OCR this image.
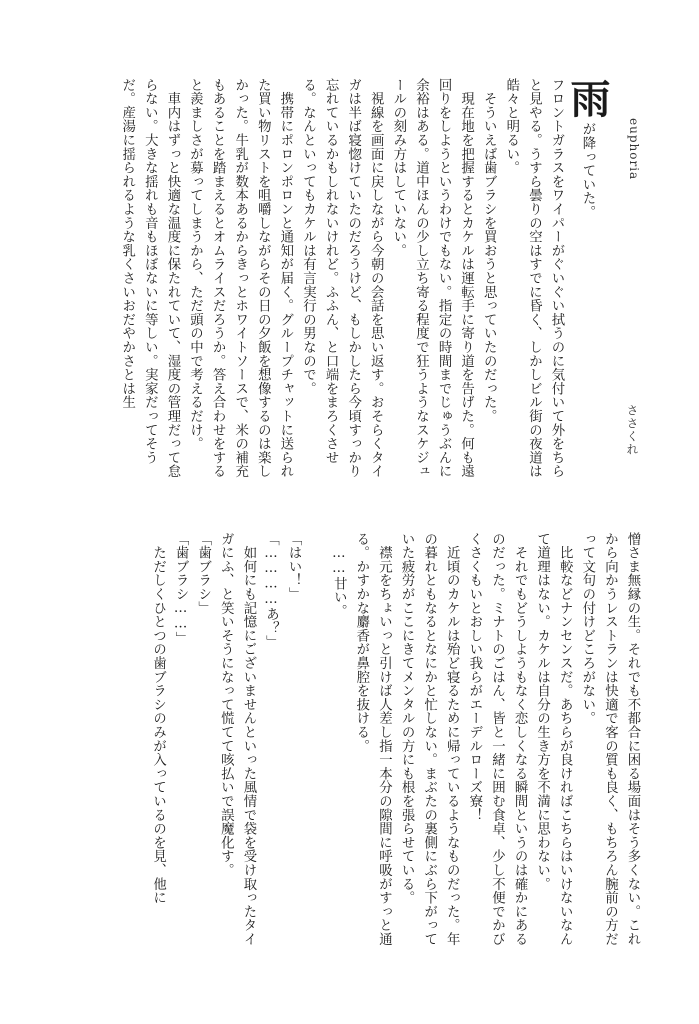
euphoria
ささくれ

雨が降っていた。

フロントガラスをワイパーがぐいぐい拭うのに気付いて外をちらと見やる。うすら曇りの空はすでに昏く、しかしビル街の夜道は皓々と明るい。

　そういえば歯ブラシを買おうと思っていたのだった。

　現在地を把握するとカケルは運転手に寄り道を告げた。何も遠回りをしようというわけでもない。指定の時間までじゅうぶんに余裕はある。道中ほんの少し立ち寄る程度で狂うようなスケジュールの刻み方はしていない。

　視線を画面に戻しながら今朝の会話を思い返す。おそらくタイガは半ば寝惚けていたのだろうけど、もしかしたら今頃すっかり忘れているかもしれないけれど。ふふん、と口端をまろくさせる。なんといってもカケルは有言実行の男なので。

　携帯にポロンポロンと通知が届く。グループチャットに送られた買い物リストを咀嚼しながらその日の夕飯を想像するのは楽しかった。牛乳が数本あるからきっとホワイトソースで、米の補充もあることを踏まえるとオムライスだろうか。答え合わせをすると羨ましさが募ってしまうから、ただ頭の中で考えるだけ。

　車内はずっと快適な温度に保たれていて、湿度の管理だって怠らない。大きな揺れも音もほぼないに等しい。実家だってそうだ。産湯に揺られるような乳くさいおだやかさとは生

憎さま無縁の生。それでも不都合に困る場面はそう多くない。これから向かうレストランは快適で客の質も良く、もちろん腕前の方だって文句の付けどころがない。

　比較などナンセンスだ。あちらが良ければこちらはいけないなんて道理はない。カケルは自分の生き方を不満に思わない。

　それでもどうしようもなく恋しくなる瞬間というのは確かにあるのだった。ミナトのごはん、皆と一緒に囲む食卓、少し不便でかびくさくもいとおしい我らがエーデルローズ寮！

　近頃のカケルは殆ど寝るために帰っているようなものだった。年の暮れともなるとなにかと忙しない。まぶたの裏側にぶら下がっていた疲労がここにきてメンタルの方にも根を張らせている。

　襟元をちょいっと引けば人差し指一本分の隙間に呼吸がすっと通る。かすかな麝香が鼻腔を抜ける。

　……甘い。

「はい！」

「…………あ？」

　如何にも記憶にございませんといった風情で袋を受け取ったタイガにふ、と笑いそうになって慌てて咳払いで誤魔化す。

「歯ブラシ」

「歯ブラシ……」

　ただしくひとつの歯ブラシのみが入っているのを見、他に
